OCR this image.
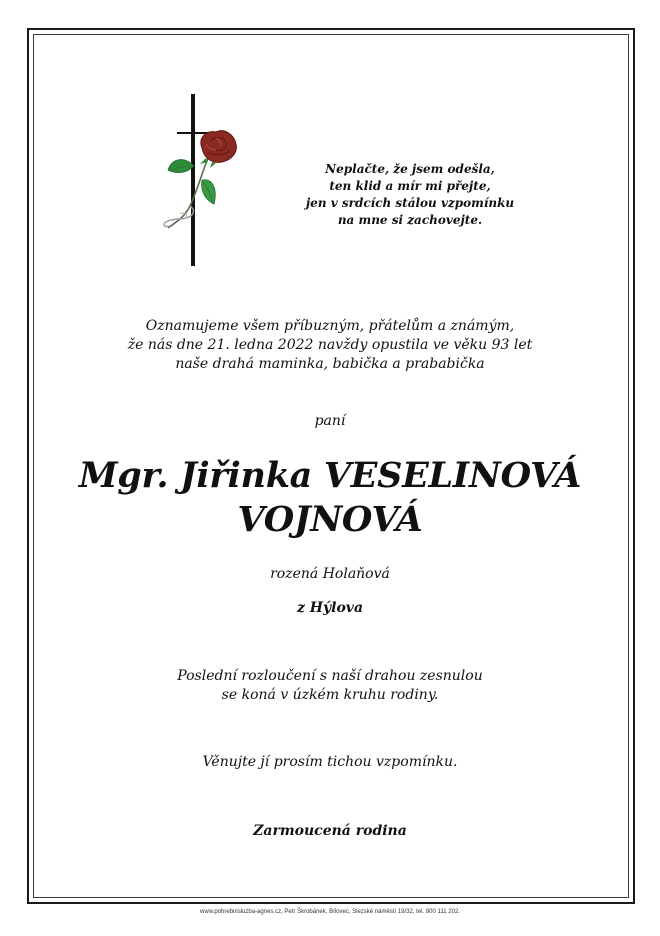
Neplačte, že jsem odešla,
ten klid a mír mi přejte,
jen v srdcích stálou vzpomínku
na mne si zachovejte.
Oznamujeme všem příbuzným, přátelům a známým,
že nás dne 21. ledna 2022 navždy opustila ve věku 93 let
naše drahá maminka, babička a prababička
paní
Mgr. Jiřinka VESELINOVÁ
VOJNOVÁ
rozená Holaňová
z Hýlova
Poslední rozloučení s naší drahou zesnulou
se koná v úzkém kruhu rodiny.
Věnujte jí prosím tichou vzpomínku.
Zarmoucená rodina
www.pohrebnisluzba-agnes.cz, Petr Škrobánek, Bílovec, Slezské náměstí 19/32, tel. 800 111 202.
